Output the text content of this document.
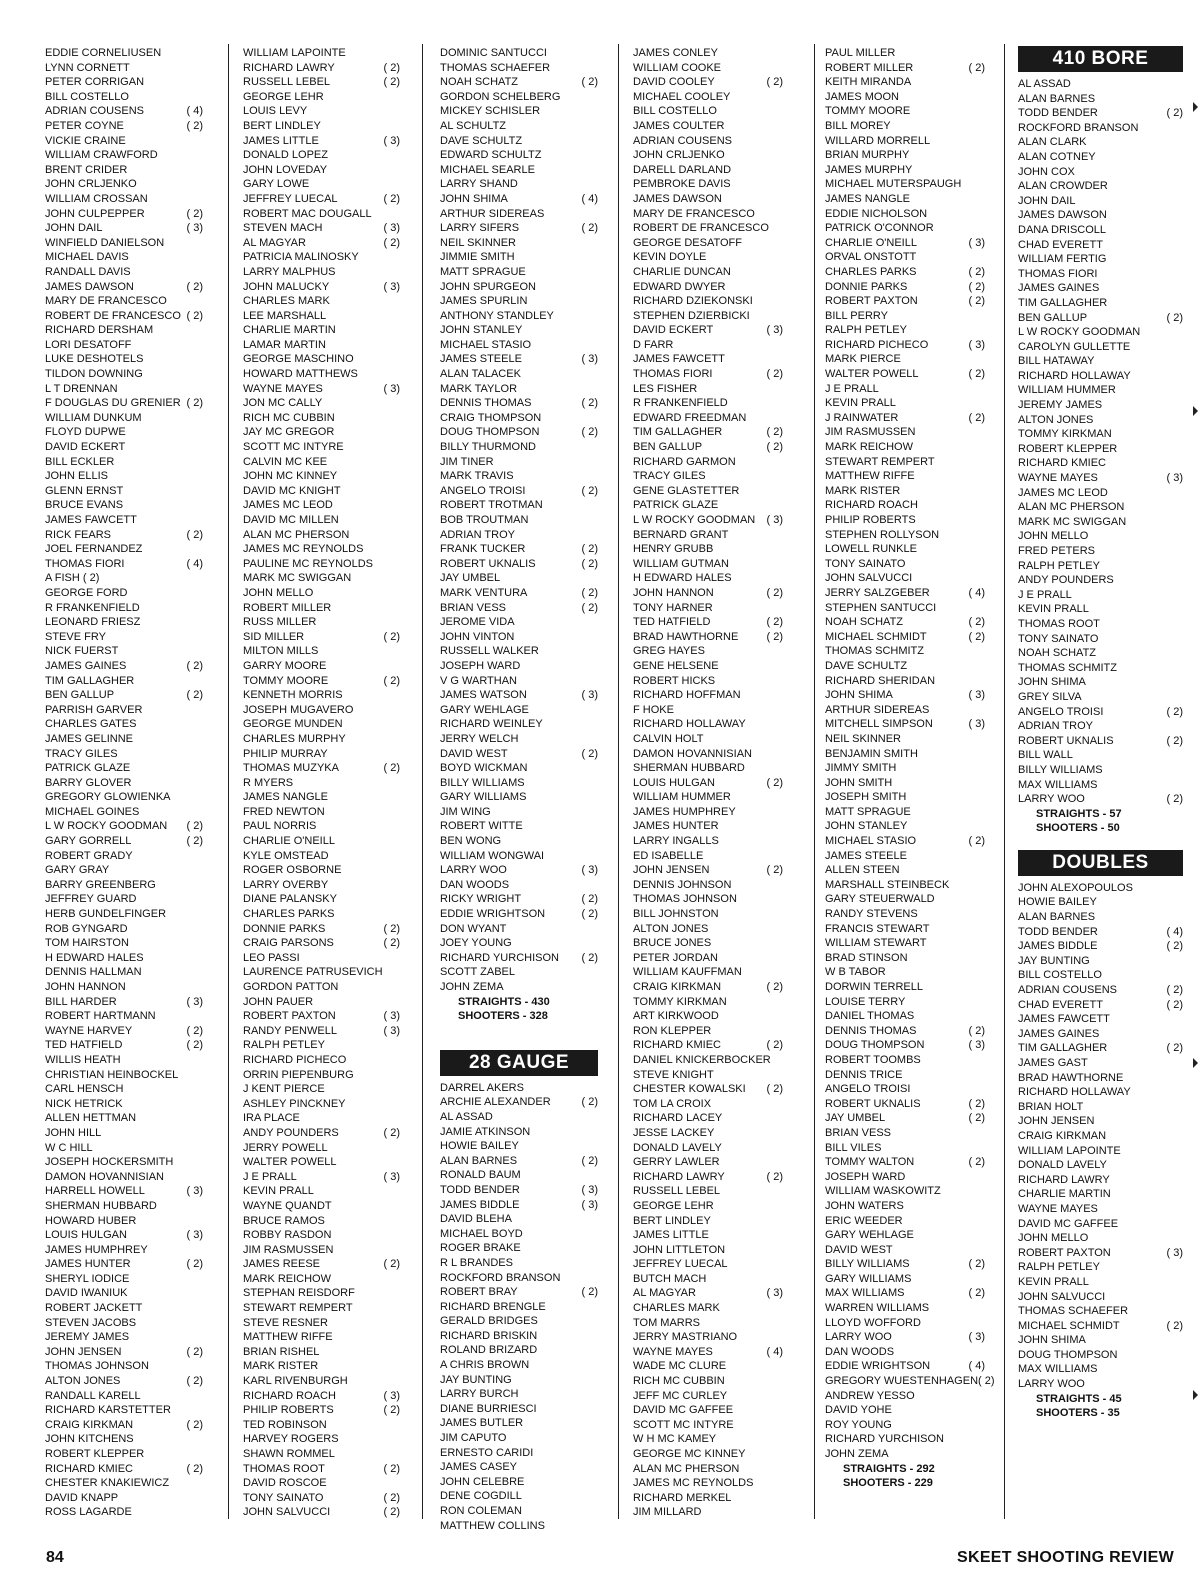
EDDIE CORNELIUSEN
LYNN CORNETT
PETER CORRIGAN
BILL COSTELLO
ADRIAN COUSENS	( 4)
PETER COYNE	( 2)
VICKIE CRAINE
WILLIAM CRAWFORD
BRENT CRIDER
JOHN CRLJENKO
WILLIAM CROSSAN
JOHN CULPEPPER	( 2)
JOHN DAIL	( 3)
WINFIELD DANIELSON
MICHAEL DAVIS
RANDALL DAVIS
JAMES DAWSON	( 2)
MARY DE FRANCESCO
ROBERT DE FRANCESCO ( 2)
RICHARD DERSHAM
LORI DESATOFF
LUKE DESHOTELS
TILDON DOWNING
L T DRENNAN
F DOUGLAS DU GRENIER ( 2)
WILLIAM DUNKUM
FLOYD DUPWE
DAVID ECKERT
BILL ECKLER
JOHN ELLIS
GLENN ERNST
BRUCE EVANS
JAMES FAWCETT
RICK FEARS	( 2)
JOEL FERNANDEZ
THOMAS FIORI	( 4)
A FISH ( 2)
GEORGE FORD
R FRANKENFIELD
LEONARD FRIESZ
STEVE FRY
NICK FUERST
JAMES GAINES	( 2)
TIM GALLAGHER
BEN GALLUP	( 2)
PARRISH GARVER
CHARLES GATES
JAMES GELINNE
TRACY GILES
PATRICK GLAZE
BARRY GLOVER
GREGORY GLOWIENKA
MICHAEL GOINES
L W ROCKY GOODMAN ( 2)
GARY GORRELL	( 2)
ROBERT GRADY
GARY GRAY
BARRY GREENBERG
JEFFREY GUARD
HERB GUNDELFINGER
ROB GYNGARD
TOM HAIRSTON
H EDWARD HALES
DENNIS HALLMAN
JOHN HANNON
BILL HARDER	( 3)
ROBERT HARTMANN
WAYNE HARVEY	( 2)
TED HATFIELD	( 2)
WILLIS HEATH
CHRISTIAN HEINBOCKEL
CARL HENSCH
NICK HETRICK
ALLEN HETTMAN
JOHN HILL
W C HILL
JOSEPH HOCKERSMITH
DAMON HOVANNISIAN
HARRELL HOWELL	( 3)
SHERMAN HUBBARD
HOWARD HUBER
LOUIS HULGAN	( 3)
JAMES HUMPHREY
JAMES HUNTER	( 2)
SHERYL IODICE
DAVID IWANIUK
ROBERT JACKETT
STEVEN JACOBS
JEREMY JAMES
JOHN JENSEN	( 2)
THOMAS JOHNSON
ALTON JONES	( 2)
RANDALL KARELL
RICHARD KARSTETTER
CRAIG KIRKMAN	( 2)
JOHN KITCHENS
ROBERT KLEPPER
RICHARD KMIEC	( 2)
CHESTER KNAKIEWICZ
DAVID KNAPP
ROSS LAGARDE
WILLIAM LAPOINTE
RICHARD LAWRY	( 2)
RUSSELL LEBEL	( 2)
GEORGE LEHR
LOUIS LEVY
BERT LINDLEY
JAMES LITTLE	( 3)
DONALD LOPEZ
JOHN LOVEDAY
GARY LOWE
JEFFREY LUECAL	( 2)
ROBERT MAC DOUGALL
STEVEN MACH	( 3)
AL MAGYAR	( 2)
PATRICIA MALINOSKY
LARRY MALPHUS
JOHN MALUCKY	( 3)
CHARLES MARK
LEE MARSHALL
CHARLIE MARTIN
LAMAR MARTIN
GEORGE MASCHINO
HOWARD MATTHEWS
WAYNE MAYES	( 3)
JON MC CALLY
RICH MC CUBBIN
JAY MC GREGOR
SCOTT MC INTYRE
CALVIN MC KEE
JOHN MC KINNEY
DAVID MC KNIGHT
JAMES MC LEOD
DAVID MC MILLEN
ALAN MC PHERSON
JAMES MC REYNOLDS
PAULINE MC REYNOLDS
MARK MC SWIGGAN
JOHN MELLO
ROBERT MILLER
RUSS MILLER
SID MILLER	( 2)
MILTON MILLS
GARRY MOORE
TOMMY MOORE	( 2)
KENNETH MORRIS
JOSEPH MUGAVERO
GEORGE MUNDEN
CHARLES MURPHY
PHILIP MURRAY
THOMAS MUZYKA	( 2)
R MYERS
JAMES NANGLE
FRED NEWTON
PAUL NORRIS
CHARLIE O'NEILL
KYLE OMSTEAD
ROGER OSBORNE
LARRY OVERBY
DIANE PALANSKY
CHARLES PARKS
DONNIE PARKS	( 2)
CRAIG PARSONS	( 2)
LEO PASSI
LAURENCE PATRUSEVICH
GORDON PATTON
JOHN PAUER
ROBERT PAXTON	( 3)
RANDY PENWELL	( 3)
RALPH PETLEY
RICHARD PICHECO
ORRIN PIEPENBURG
J KENT PIERCE
ASHLEY PINCKNEY
IRA PLACE
ANDY POUNDERS	( 2)
JERRY POWELL
WALTER POWELL
J E PRALL	( 3)
KEVIN PRALL
WAYNE QUANDT
BRUCE RAMOS
ROBBY RASDON
JIM RASMUSSEN
JAMES REESE	( 2)
MARK REICHOW
STEPHAN REISDORF
STEWART REMPERT
STEVE RESNER
MATTHEW RIFFE
BRIAN RISHEL
MARK RISTER
KARL RIVENBURGH
RICHARD ROACH	( 3)
PHILIP ROBERTS	( 2)
TED ROBINSON
HARVEY ROGERS
SHAWN ROMMEL
THOMAS ROOT	( 2)
DAVID ROSCOE
TONY SAINATO	( 2)
JOHN SALVUCCI	( 2)
DOMINIC SANTUCCI
THOMAS SCHAEFER
NOAH SCHATZ	( 2)
GORDON SCHELBERG
MICKEY SCHISLER
AL SCHULTZ
DAVE SCHULTZ
EDWARD SCHULTZ
MICHAEL SEARLE
LARRY SHAND
JOHN SHIMA	( 4)
ARTHUR SIDEREAS
LARRY SIFERS	( 2)
NEIL SKINNER
JIMMIE SMITH
MATT SPRAGUE
JOHN SPURGEON
JAMES SPURLIN
ANTHONY STANDLEY
JOHN STANLEY
MICHAEL STASIO
JAMES STEELE	( 3)
ALAN TALACEK
MARK TAYLOR
DENNIS THOMAS	( 2)
CRAIG THOMPSON
DOUG THOMPSON	( 2)
BILLY THURMOND
JIM TINER
MARK TRAVIS
ANGELO TROISI	( 2)
ROBERT TROTMAN
BOB TROUTMAN
ADRIAN TROY
FRANK TUCKER	( 2)
ROBERT UKNALIS	( 2)
JAY UMBEL
MARK VENTURA	( 2)
BRIAN VESS	( 2)
JEROME VIDA
JOHN VINTON
RUSSELL WALKER
JOSEPH WARD
V G WARTHAN
JAMES WATSON	( 3)
GARY WEHLAGE
RICHARD WEINLEY
JERRY WELCH
DAVID WEST	( 2)
BOYD WICKMAN
BILLY WILLIAMS
GARY WILLIAMS
JIM WING
ROBERT WITTE
BEN WONG
WILLIAM WONGWAI
LARRY WOO	( 3)
DAN WOODS
RICKY WRIGHT	( 2)
EDDIE WRIGHTSON	( 2)
DON WYANT
JOEY YOUNG
RICHARD YURCHISON ( 2)
SCOTT ZABEL
JOHN ZEMA
STRAIGHTS - 430
SHOOTERS - 328
28 GAUGE
DARREL AKERS
ARCHIE ALEXANDER	( 2)
AL ASSAD
JAMIE ATKINSON
HOWIE BAILEY
ALAN BARNES	( 2)
RONALD BAUM
TODD BENDER	( 3)
JAMES BIDDLE	( 3)
DAVID BLEHA
MICHAEL BOYD
ROGER BRAKE
R L BRANDES
ROCKFORD BRANSON
ROBERT BRAY	( 2)
RICHARD BRENGLE
GERALD BRIDGES
RICHARD BRISKIN
ROLAND BRIZARD
A CHRIS BROWN
JAY BUNTING
LARRY BURCH
DIANE BURRIESCI
JAMES BUTLER
JIM CAPUTO
ERNESTO CARIDI
JAMES CASEY
JOHN CELEBRE
DENE COGDILL
RON COLEMAN
MATTHEW COLLINS
JAMES CONLEY
WILLIAM COOKE
DAVID COOLEY	( 2)
MICHAEL COOLEY
BILL COSTELLO
JAMES COULTER
ADRIAN COUSENS
JOHN CRLJENKO
DARELL DARLAND
PEMBROKE DAVIS
JAMES DAWSON
MARY DE FRANCESCO
ROBERT DE FRANCESCO
GEORGE DESATOFF
KEVIN DOYLE
CHARLIE DUNCAN
EDWARD DWYER
RICHARD DZIEKONSKI
STEPHEN DZIERBICKI
DAVID ECKERT	( 3)
D FARR
JAMES FAWCETT
THOMAS FIORI	( 2)
LES FISHER
R FRANKENFIELD
EDWARD FREEDMAN
TIM GALLAGHER	( 2)
BEN GALLUP	( 2)
RICHARD GARMON
TRACY GILES
GENE GLASTETTER
PATRICK GLAZE
L W ROCKY GOODMAN ( 3)
BERNARD GRANT
HENRY GRUBB
WILLIAM GUTMAN
H EDWARD HALES
JOHN HANNON	( 2)
TONY HARNER
TED HATFIELD	( 2)
BRAD HAWTHORNE	( 2)
GREG HAYES
GENE HELSENE
ROBERT HICKS
RICHARD HOFFMAN
F HOKE
RICHARD HOLLAWAY
CALVIN HOLT
DAMON HOVANNISIAN
SHERMAN HUBBARD
LOUIS HULGAN	( 2)
WILLIAM HUMMER
JAMES HUMPHREY
JAMES HUNTER
LARRY INGALLS
ED ISABELLE
JOHN JENSEN	( 2)
DENNIS JOHNSON
THOMAS JOHNSON
BILL JOHNSTON
ALTON JONES
BRUCE JONES
PETER JORDAN
WILLIAM KAUFFMAN
CRAIG KIRKMAN	( 2)
TOMMY KIRKMAN
ART KIRKWOOD
RON KLEPPER
RICHARD KMIEC	( 2)
DANIEL KNICKERBOCKER
STEVE KNIGHT
CHESTER KOWALSKI ( 2)
TOM LA CROIX
RICHARD LACEY
JESSE LACKEY
DONALD LAVELY
GERRY LAWLER
RICHARD LAWRY	( 2)
RUSSELL LEBEL
GEORGE LEHR
BERT LINDLEY
JAMES LITTLE
JOHN LITTLETON
JEFFREY LUECAL
BUTCH MACH
AL MAGYAR	( 3)
CHARLES MARK
TOM MARRS
JERRY MASTRIANO
WAYNE MAYES	( 4)
WADE MC CLURE
RICH MC CUBBIN
JEFF MC CURLEY
DAVID MC GAFFEE
SCOTT MC INTYRE
W H MC KAMEY
GEORGE MC KINNEY
ALAN MC PHERSON
JAMES MC REYNOLDS
RICHARD MERKEL
JIM MILLARD
PAUL MILLER
ROBERT MILLER	( 2)
KEITH MIRANDA
JAMES MOON
TOMMY MOORE
BILL MOREY
WILLARD MORRELL
BRIAN MURPHY
JAMES MURPHY
MICHAEL MUTERSPAUGH
JAMES NANGLE
EDDIE NICHOLSON
PATRICK O'CONNOR
CHARLIE O'NEILL	( 3)
ORVAL ONSTOTT
CHARLES PARKS	( 2)
DONNIE PARKS	( 2)
ROBERT PAXTON	( 2)
BILL PERRY
RALPH PETLEY
RICHARD PICHECO	( 3)
MARK PIERCE
WALTER POWELL	( 2)
J E PRALL
KEVIN PRALL
J RAINWATER	( 2)
JIM RASMUSSEN
MARK REICHOW
STEWART REMPERT
MATTHEW RIFFE
MARK RISTER
RICHARD ROACH
PHILIP ROBERTS
STEPHEN ROLLYSON
LOWELL RUNKLE
TONY SAINATO
JOHN SALVUCCI
JERRY SALZGEBER	( 4)
STEPHEN SANTUCCI
NOAH SCHATZ	( 2)
MICHAEL SCHMIDT	( 2)
THOMAS SCHMITZ
DAVE SCHULTZ
RICHARD SHERIDAN
JOHN SHIMA	( 3)
ARTHUR SIDEREAS
MITCHELL SIMPSON	( 3)
NEIL SKINNER
BENJAMIN SMITH
JIMMY SMITH
JOHN SMITH
JOSEPH SMITH
MATT SPRAGUE
JOHN STANLEY
MICHAEL STASIO	( 2)
JAMES STEELE
ALLEN STEEN
MARSHALL STEINBECK
GARY STEUERWALD
RANDY STEVENS
FRANCIS STEWART
WILLIAM STEWART
BRAD STINSON
W B TABOR
DORWIN TERRELL
LOUISE TERRY
DANIEL THOMAS
DENNIS THOMAS	( 2)
DOUG THOMPSON	( 3)
ROBERT TOOMBS
DENNIS TRICE
ANGELO TROISI
ROBERT UKNALIS	( 2)
JAY UMBEL	( 2)
BRIAN VESS
BILL VILES
TOMMY WALTON	( 2)
JOSEPH WARD
WILLIAM WASKOWITZ
JOHN WATERS
ERIC WEEDER
GARY WEHLAGE
DAVID WEST
BILLY WILLIAMS	( 2)
GARY WILLIAMS
MAX WILLIAMS	( 2)
WARREN WILLIAMS
LLOYD WOFFORD
LARRY WOO	( 3)
DAN WOODS
EDDIE WRIGHTSON	( 4)
GREGORY WUESTENHAGEN( 2)
ANDREW YESSO
DAVID YOHE
ROY YOUNG
RICHARD YURCHISON
JOHN ZEMA
STRAIGHTS - 292
SHOOTERS - 229
410 BORE
AL ASSAD
ALAN BARNES
TODD BENDER	( 2)
ROCKFORD BRANSON
ALAN CLARK
ALAN COTNEY
JOHN COX
ALAN CROWDER
JOHN DAIL
JAMES DAWSON
DANA DRISCOLL
CHAD EVERETT
WILLIAM FERTIG
THOMAS FIORI
JAMES GAINES
TIM GALLAGHER
BEN GALLUP	( 2)
L W ROCKY GOODMAN
CAROLYN GULLETTE
BILL HATAWAY
RICHARD HOLLAWAY
WILLIAM HUMMER
JEREMY JAMES
ALTON JONES
TOMMY KIRKMAN
ROBERT KLEPPER
RICHARD KMIEC
WAYNE MAYES	( 3)
JAMES MC LEOD
ALAN MC PHERSON
MARK MC SWIGGAN
JOHN MELLO
FRED PETERS
RALPH PETLEY
ANDY POUNDERS
J E PRALL
KEVIN PRALL
THOMAS ROOT
TONY SAINATO
NOAH SCHATZ
THOMAS SCHMITZ
JOHN SHIMA
GREY SILVA
ANGELO TROISI	( 2)
ADRIAN TROY
ROBERT UKNALIS	( 2)
BILL WALL
BILLY WILLIAMS
MAX WILLIAMS
LARRY WOO	( 2)
STRAIGHTS - 57
SHOOTERS - 50
DOUBLES
JOHN ALEXOPOULOS
HOWIE BAILEY
ALAN BARNES
TODD BENDER	( 4)
JAMES BIDDLE	( 2)
JAY BUNTING
BILL COSTELLO
ADRIAN COUSENS	( 2)
CHAD EVERETT	( 2)
JAMES FAWCETT
JAMES GAINES
TIM GALLAGHER	( 2)
JAMES GAST
BRAD HAWTHORNE
RICHARD HOLLAWAY
BRIAN HOLT
JOHN JENSEN
CRAIG KIRKMAN
WILLIAM LAPOINTE
DONALD LAVELY
RICHARD LAWRY
CHARLIE MARTIN
WAYNE MAYES
DAVID MC GAFFEE
JOHN MELLO
ROBERT PAXTON	( 3)
RALPH PETLEY
KEVIN PRALL
JOHN SALVUCCI
THOMAS SCHAEFER
MICHAEL SCHMIDT	( 2)
JOHN SHIMA
DOUG THOMPSON
MAX WILLIAMS
LARRY WOO
STRAIGHTS - 45
SHOOTERS - 35
84	SKEET SHOOTING REVIEW
